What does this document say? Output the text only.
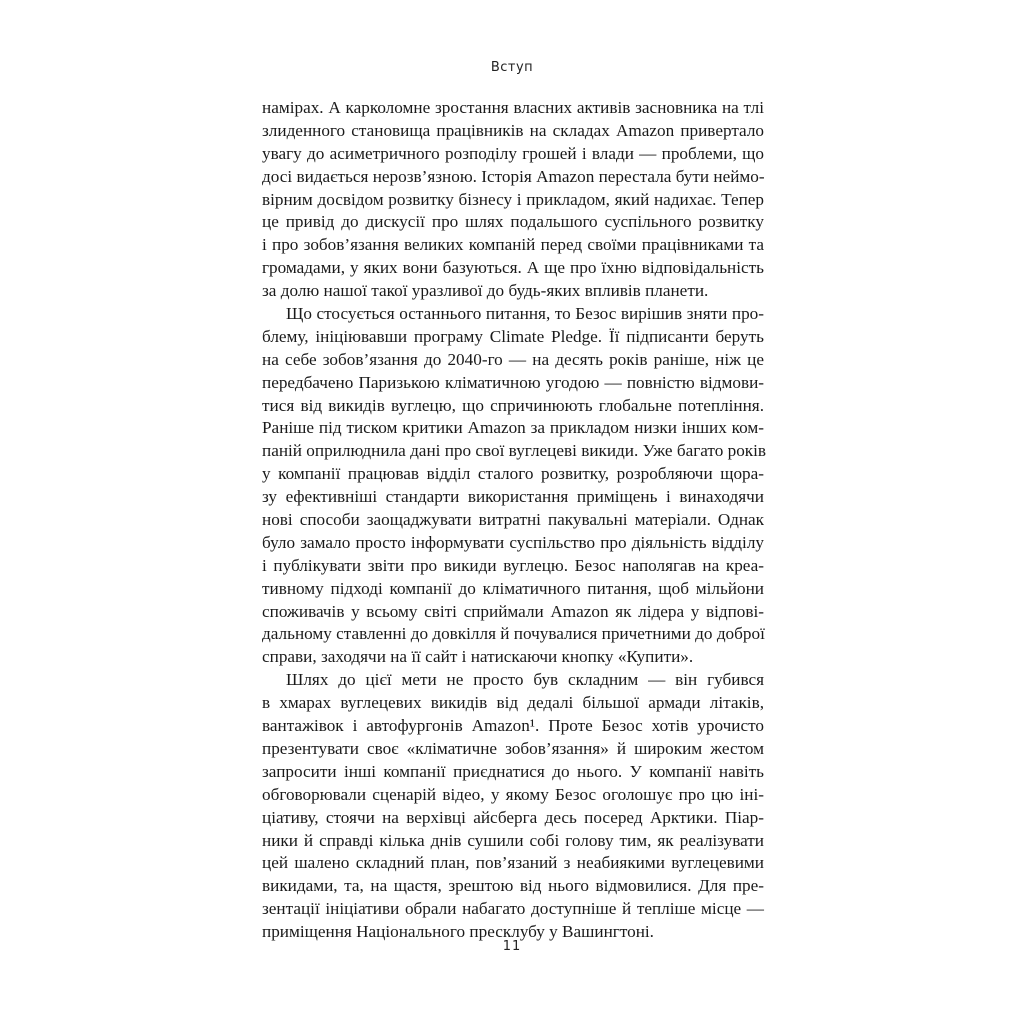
Вступ
намірах. А карколомне зростання власних активів засновника на тлі
злиденного становища працівників на складах Amazon привертало
увагу до асиметричного розподілу грошей і влади — проблеми, що
досі видається нерозв’язною. Історія Amazon перестала бути неймо-
вірним досвідом розвитку бізнесу і прикладом, який надихає. Тепер
це привід до дискусії про шлях подальшого суспільного розвитку
і про зобов’язання великих компаній перед своїми працівниками та
громадами, у яких вони базуються. А ще про їхню відповідальність
за долю нашої такої уразливої до будь-яких впливів планети.
Що стосується останнього питання, то Безос вирішив зняти про-
блему, ініціювавши програму Climate Pledge. Її підписанти беруть
на себе зобов’язання до 2040-го — на десять років раніше, ніж це
передбачено Паризькою кліматичною угодою — повністю відмови-
тися від викидів вуглецю, що спричинюють глобальне потепління.
Раніше під тиском критики Amazon за прикладом низки інших ком-
паній оприлюднила дані про свої вуглецеві викиди. Уже багато років
у компанії працював відділ сталого розвитку, розробляючи щора-
зу ефективніші стандарти використання приміщень і винаходячи
нові способи заощаджувати витратні пакувальні матеріали. Однак
було замало просто інформувати суспільство про діяльність відділу
і публікувати звіти про викиди вуглецю. Безос наполягав на креа-
тивному підході компанії до кліматичного питання, щоб мільйони
споживачів у всьому світі сприймали Amazon як лідера у відпові-
дальному ставленні до довкілля й почувалися причетними до доброї
справи, заходячи на її сайт і натискаючи кнопку «Купити».
Шлях до цієї мети не просто був складним — він губився
в хмарах вуглецевих викидів від дедалі більшої армади літаків,
вантажівок і автофургонів Amazon¹. Проте Безос хотів урочисто
презентувати своє «кліматичне зобов’язання» й широким жестом
запросити інші компанії приєднатися до нього. У компанії навіть
обговорювали сценарій відео, у якому Безос оголошує про цю іні-
ціативу, стоячи на верхівці айсберга десь посеред Арктики. Піар-
ники й справді кілька днів сушили собі голову тим, як реалізувати
цей шалено складний план, пов’язаний з неабиякими вуглецевими
викидами, та, на щастя, зрештою від нього відмовилися. Для пре-
зентації ініціативи обрали набагато доступніше й тепліше місце —
приміщення Національного пресклубу у Вашингтоні.
11
